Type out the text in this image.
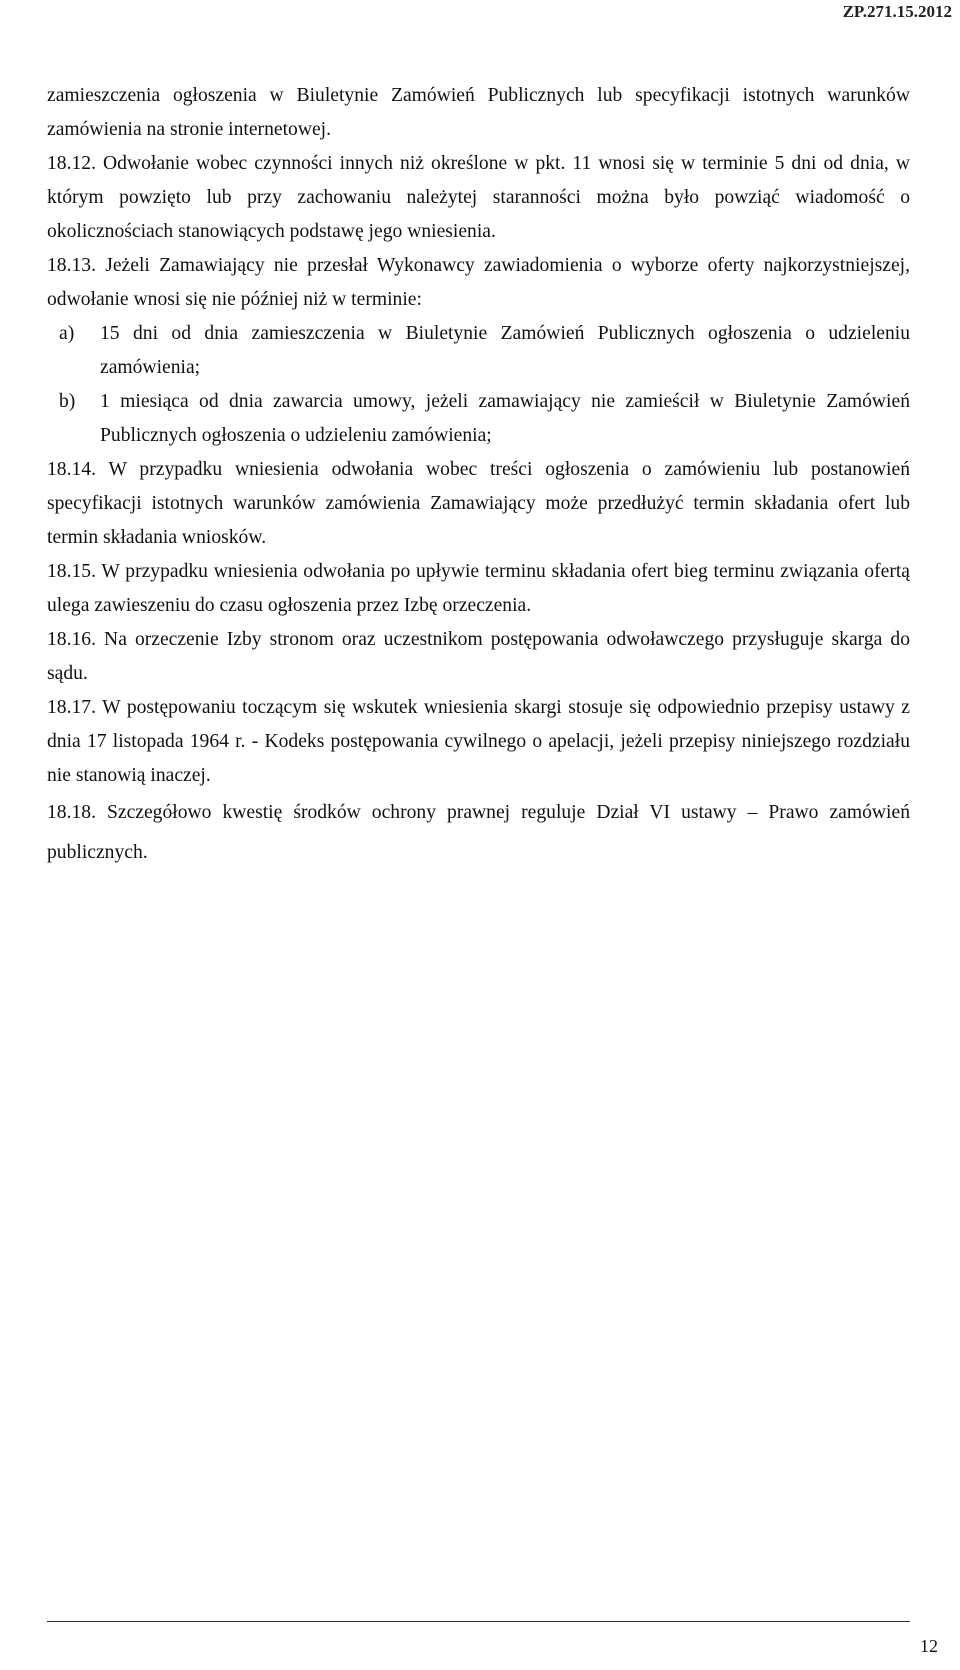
ZP.271.15.2012

zamieszczenia ogłoszenia w Biuletynie Zamówień Publicznych lub specyfikacji istotnych warunków zamówienia na stronie internetowej.

18.12. Odwołanie wobec czynności innych niż określone w pkt. 11 wnosi się w terminie 5 dni od dnia, w którym powzięto lub przy zachowaniu należytej staranności można było powziąć wiadomość o okolicznościach stanowiących podstawę jego wniesienia.

18.13. Jeżeli Zamawiający nie przesłał Wykonawcy zawiadomienia o wyborze oferty najkorzystniejszej, odwołanie wnosi się nie później niż w terminie:

a) 15 dni od dnia zamieszczenia w Biuletynie Zamówień Publicznych ogłoszenia o udzieleniu zamówienia;

b) 1 miesiąca od dnia zawarcia umowy, jeżeli zamawiający nie zamieścił w Biuletynie Zamówień Publicznych ogłoszenia o udzieleniu zamówienia;

18.14. W przypadku wniesienia odwołania wobec treści ogłoszenia o zamówieniu lub postanowień specyfikacji istotnych warunków zamówienia Zamawiający może przedłużyć termin składania ofert lub termin składania wniosków.

18.15. W przypadku wniesienia odwołania po upływie terminu składania ofert bieg terminu związania ofertą ulega zawieszeniu do czasu ogłoszenia przez Izbę orzeczenia.

18.16. Na orzeczenie Izby stronom oraz uczestnikom postępowania odwoławczego przysługuje skarga do sądu.

18.17. W postępowaniu toczącym się wskutek wniesienia skargi stosuje się odpowiednio przepisy ustawy z dnia 17 listopada 1964 r. - Kodeks postępowania cywilnego o apelacji, jeżeli przepisy niniejszego rozdziału nie stanowią inaczej.

18.18. Szczegółowo kwestię środków ochrony prawnej reguluje Dział VI ustawy – Prawo zamówień publicznych.

12
